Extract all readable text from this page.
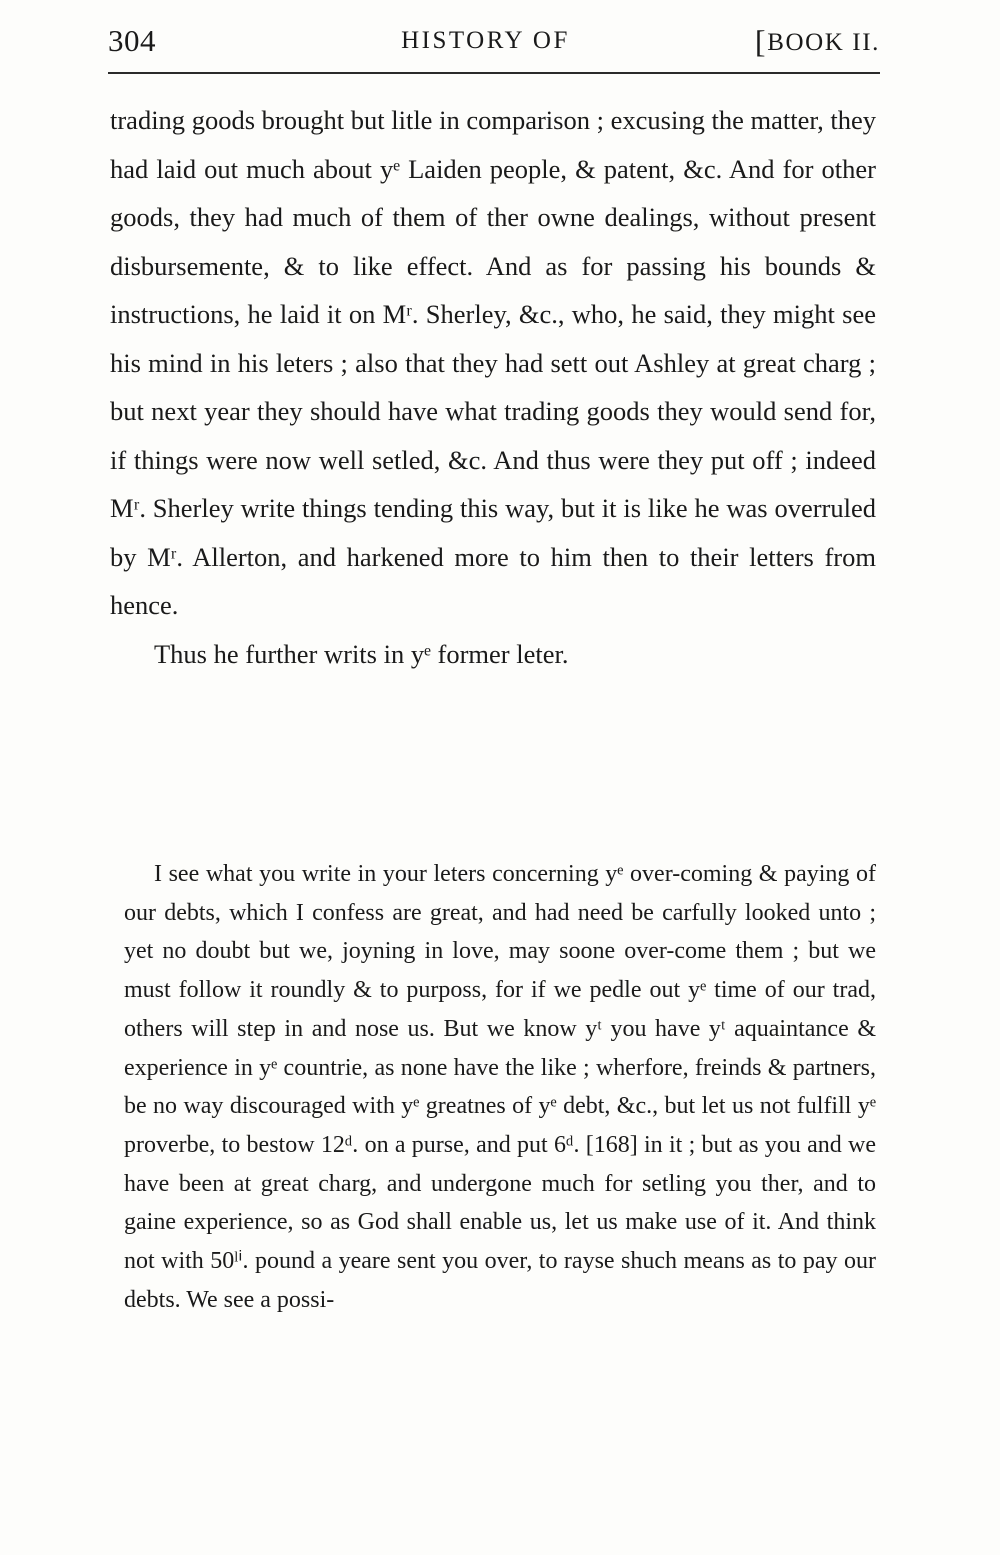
304	HISTORY OF	[BOOK II.

trading goods brought but litle in comparison ; excusing the matter, they had laid out much about yᵉ Laiden people, & patent, &c. And for other goods, they had much of them of ther owne dealings, without present disbursemente, & to like effect. And as for passing his bounds & instructions, he laid it on Mʳ. Sherley, &c., who, he said, they might see his mind in his leters ; also that they had sett out Ashley at great charg ; but next year they should have what trading goods they would send for, if things were now well setled, &c. And thus were they put off ; indeed Mʳ. Sherley write things tending this way, but it is like he was overruled by Mʳ. Allerton, and harkened more to him then to their letters from hence.

Thus he further writs in yᵉ former leter.

I see what you write in your leters concerning yᵉ over-coming & paying of our debts, which I confess are great, and had need be carfully looked unto ; yet no doubt but we, joyning in love, may soone over-come them ; but we must follow it roundly & to purposs, for if we pedle out yᵉ time of our trad, others will step in and nose us. But we know yᵗ you have yᵗ aquaintance & experience in yᵉ countrie, as none have the like ; wherfore, freinds & partners, be no way discouraged with yᵉ greatnes of yᵉ debt, &c., but let us not fulfill yᵉ proverbe, to bestow 12ᵈ. on a purse, and put 6ᵈ. [168] in it ; but as you and we have been at great charg, and undergone much for setling you ther, and to gaine experience, so as God shall enable us, let us make use of it. And think not with 50ˡⁱ. pound a yeare sent you over, to rayse shuch means as to pay our debts. We see a possi-
